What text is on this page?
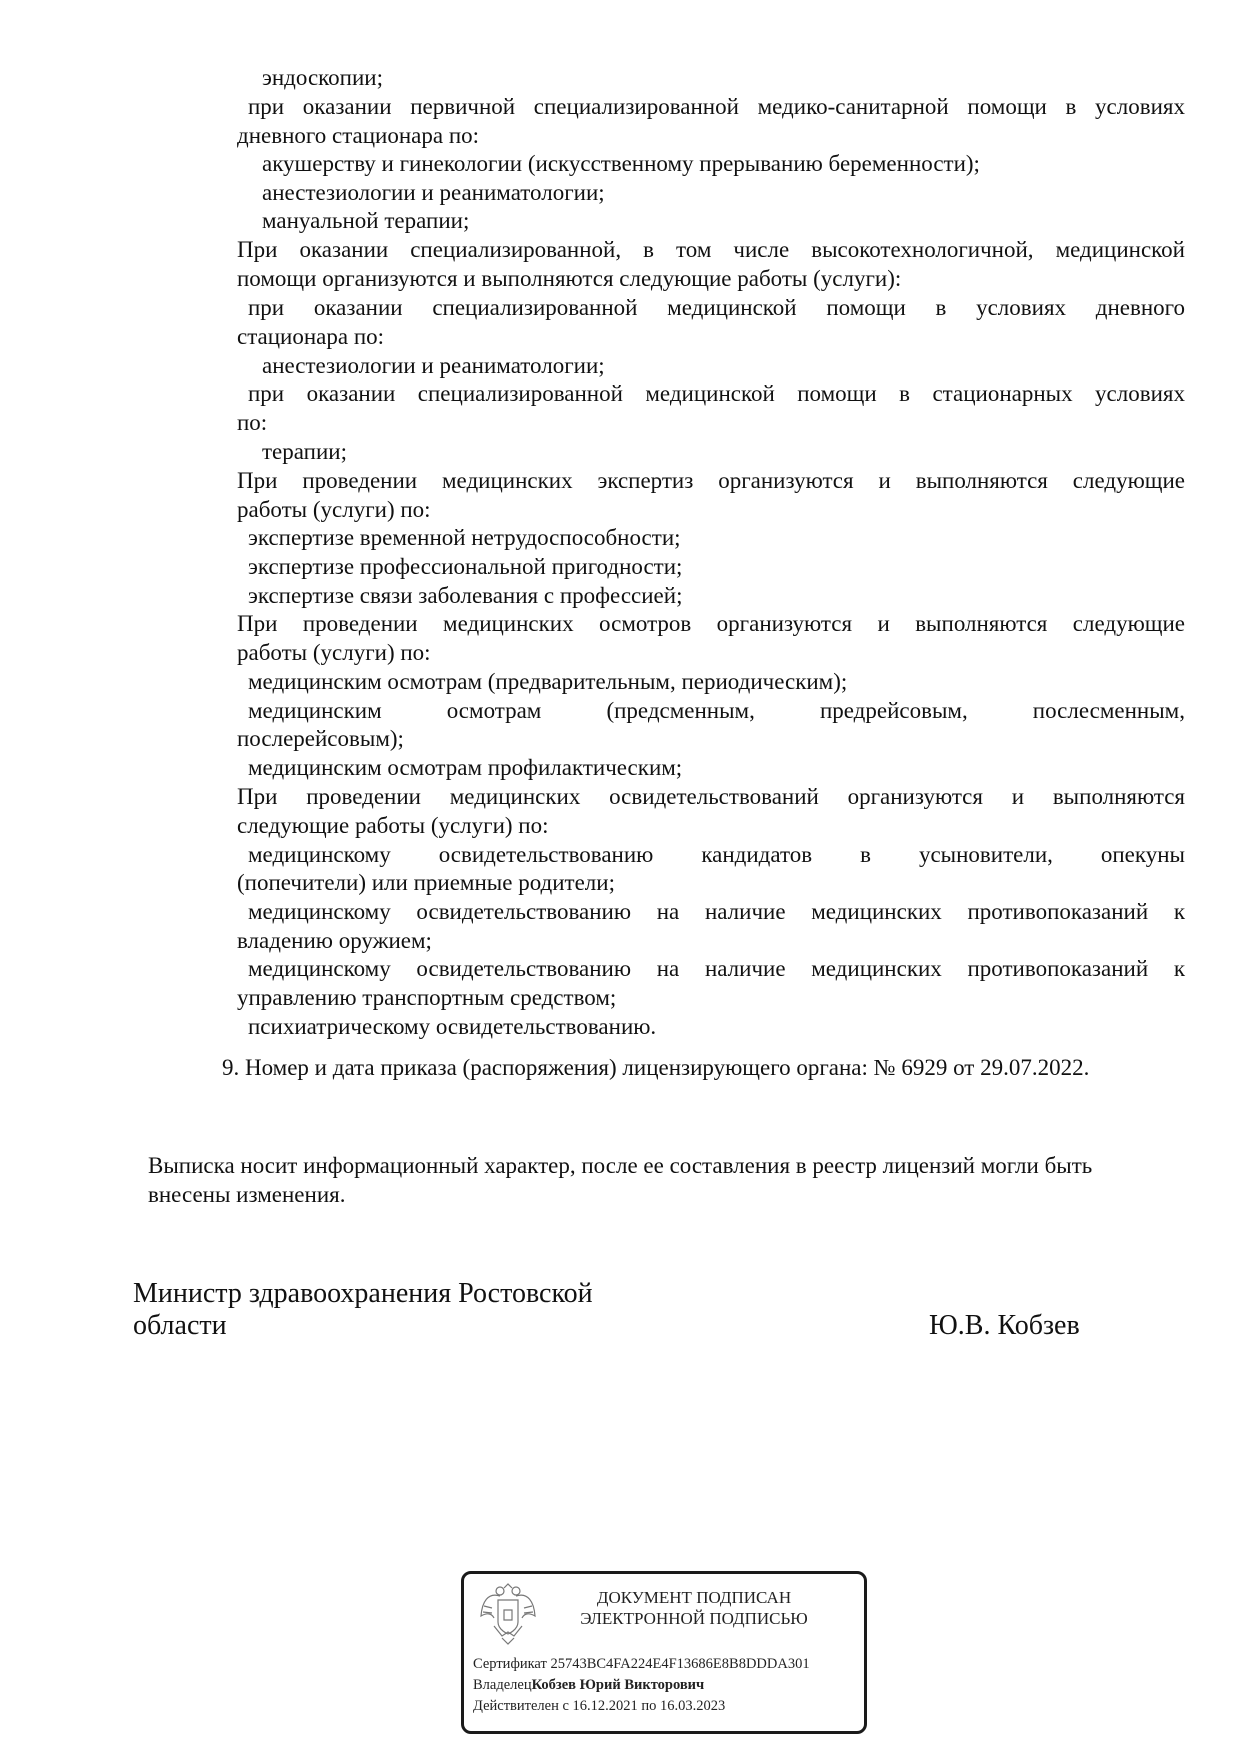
эндоскопии;
при оказании первичной специализированной медико-санитарной помощи в условиях
дневного стационара по:
акушерству и гинекологии (искусственному прерыванию беременности);
анестезиологии и реаниматологии;
мануальной терапии;
При оказании специализированной, в том числе высокотехнологичной, медицинской
помощи организуются и выполняются следующие работы (услуги):
при оказании специализированной медицинской помощи в условиях дневного
стационара по:
анестезиологии и реаниматологии;
при оказании специализированной медицинской помощи в стационарных условиях
по:
терапии;
При проведении медицинских экспертиз организуются и выполняются следующие
работы (услуги) по:
экспертизе временной нетрудоспособности;
экспертизе профессиональной пригодности;
экспертизе связи заболевания с профессией;
При проведении медицинских осмотров организуются и выполняются следующие
работы (услуги) по:
медицинским осмотрам (предварительным, периодическим);
медицинским осмотрам (предсменным, предрейсовым, послесменным,
послерейсовым);
медицинским осмотрам профилактическим;
При проведении медицинских освидетельствований организуются и выполняются
следующие работы (услуги) по:
медицинскому освидетельствованию кандидатов в усыновители, опекуны
(попечители) или приемные родители;
медицинскому освидетельствованию на наличие медицинских противопоказаний к
владению оружием;
медицинскому освидетельствованию на наличие медицинских противопоказаний к
управлению транспортным средством;
психиатрическому освидетельствованию.
9. Номер и дата приказа (распоряжения) лицензирующего органа: № 6929 от 29.07.2022.
Выписка носит информационный характер, после ее составления в реестр лицензий могли быть
внесены изменения.
Министр здравоохранения Ростовской
области	Ю.В. Кобзев
ДОКУМЕНТ ПОДПИСАН
ЭЛЕКТРОННОЙ ПОДПИСЬЮ
Сертификат 25743BC4FA224E4F13686E8B8DDDA301
ВладелецКобзев Юрий Викторович
Действителен с 16.12.2021 по 16.03.2023
